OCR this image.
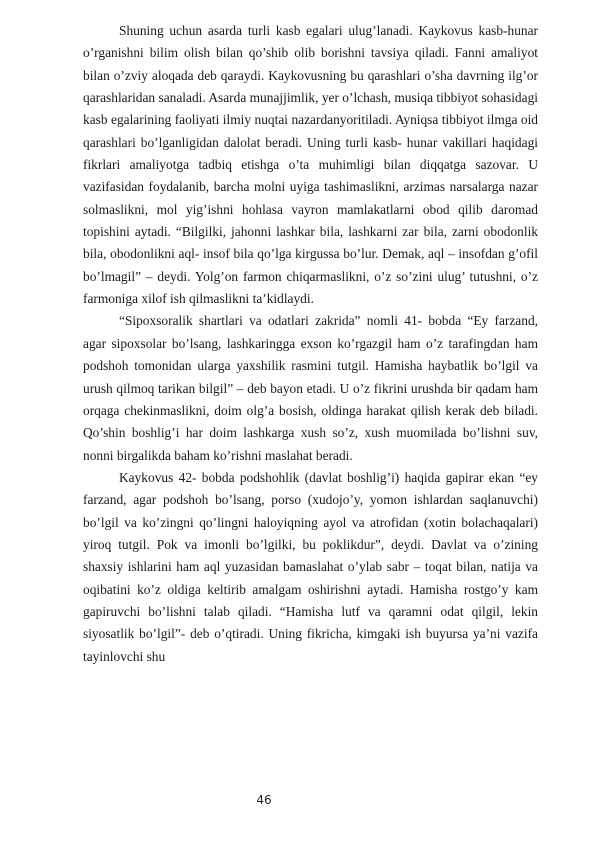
Shuning uchun asarda turli kasb egalari ulug’lanadi. Kaykovus kasb-hunar o’rganishni bilim olish bilan qo’shib olib borishni tavsiya qiladi. Fanni amaliyot bilan o’zviy aloqada deb qaraydi. Kaykovusning bu qarashlari o’sha davrning ilg’or qarashlaridan sanaladi. Asarda munajjimlik, yer o’lchash, musiqa tibbiyot sohasidagi kasb egalarining faoliyati ilmiy nuqtai nazardanyoritiladi. Ayniqsa tibbiyot ilmga oid qarashlari bo’lganligidan dalolat beradi. Uning turli kasb- hunar vakillari haqidagi fikrlari amaliyotga tadbiq etishga o’ta muhimligi bilan diqqatga sazovar. U vazifasidan foydalanib, barcha molni uyiga tashimaslikni, arzimas narsalarga nazar solmaslikni, mol yig’ishni hohlasa vayron mamlakatlarni obod qilib daromad topishini aytadi. “Bilgilki, jahonni lashkar bila, lashkarni zar bila, zarni obodonlik bila, obodonlikni aql- insof bila qo’lga kirgussa bo’lur. Demak, aql – insofdan g’ofil bo’lmagil” – deydi. Yolg’on farmon chiqarmaslikni, o’z so’zini ulug’ tutushni, o’z farmoniga xilof ish qilmaslikni ta’kidlaydi.

“Sipoxsoralik shartlari va odatlari zakrida” nomli 41- bobda “Ey farzand, agar sipoxsolar bo’lsang, lashkaringga exson ko’rgazgil ham o’z tarafingdan ham podshoh tomonidan ularga yaxshilik rasmini tutgil. Hamisha haybatlik bo’lgil va urush qilmoq tarikan bilgil” – deb bayon etadi. U o’z fikrini urushda bir qadam ham orqaga chekinmaslikni, doim olg’a bosish, oldinga harakat qilish kerak deb biladi. Qo’shin boshlig’i har doim lashkarga xush so’z, xush muomilada bo’lishni suv, nonni birgalikda baham ko’rishni maslahat beradi.

Kaykovus 42- bobda podshohlik (davlat boshlig’i) haqida gapirar ekan “ey farzand, agar podshoh bo’lsang, porso (xudojo’y, yomon ishlardan saqlanuvchi) bo’lgil va ko’zingni qo’lingni haloyiqning ayol va atrofidan (xotin bolachaqalari) yiroq tutgil. Pok va imonli bo’lgilki, bu poklikdur”, deydi. Davlat va o’zining shaxsiy ishlarini ham aql yuzasidan bamaslahat o’ylab sabr – toqat bilan, natija va oqibatini ko’z oldiga keltirib amalgam oshirishni aytadi. Hamisha rostgo’y kam gapiruvchi bo’lishni talab qiladi. “Hamisha lutf va qaramni odat qilgil, lekin siyosatlik bo’lgil”- deb o’qtiradi. Uning fikricha, kimgaki ish buyursa ya’ni vazifa tayinlovchi shu

46
